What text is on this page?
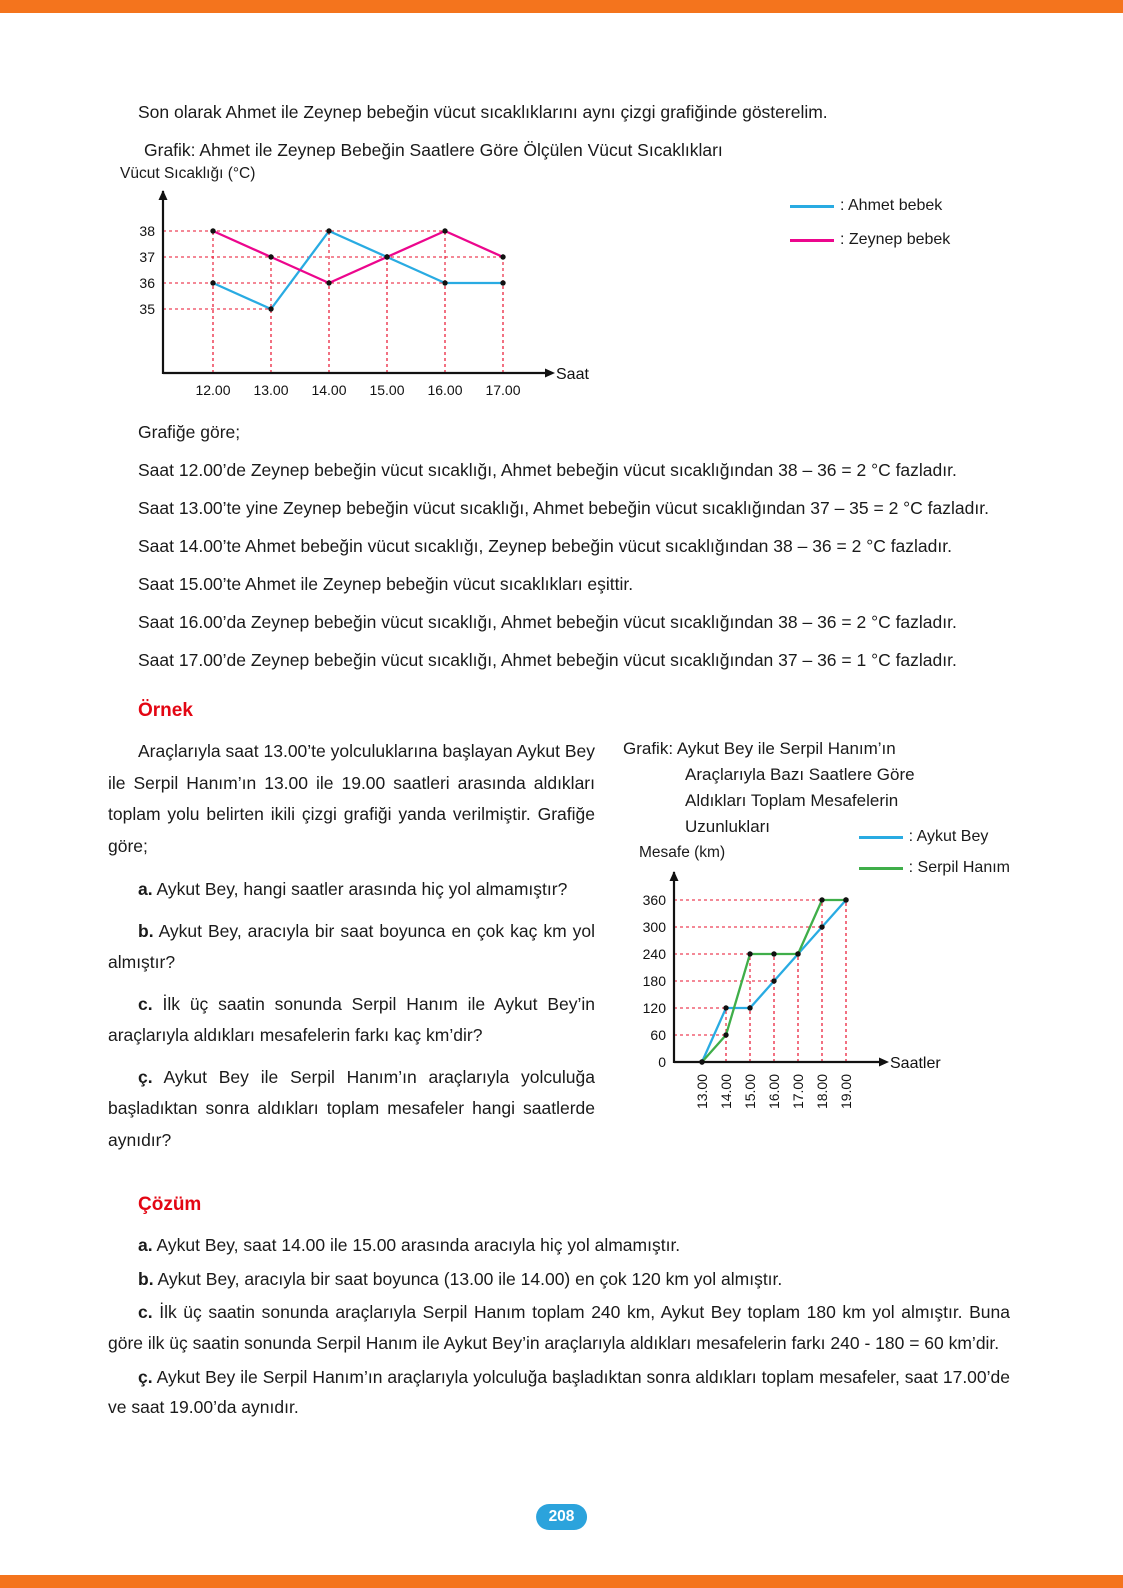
Son olarak Ahmet ile Zeynep bebeğin vücut sıcaklıklarını aynı çizgi grafiğinde gösterelim.

Grafik: Ahmet ile Zeynep Bebeğin Saatlere Göre Ölçülen Vücut Sıcaklıkları

Vücut Sıcaklığı (°C)
35
36
37
38
12.00 13.00 14.00 15.00 16.00 17.00
Saat
: Ahmet bebek
: Zeynep bebek

Grafiğe göre;

Saat 12.00’de Zeynep bebeğin vücut sıcaklığı, Ahmet bebeğin vücut sıcaklığından 38 – 36 = 2 °C fazladır.

Saat 13.00’te yine Zeynep bebeğin vücut sıcaklığı, Ahmet bebeğin vücut sıcaklığından 37 – 35 = 2 °C fazladır.

Saat 14.00’te Ahmet bebeğin vücut sıcaklığı, Zeynep bebeğin vücut sıcaklığından 38 – 36 = 2 °C fazladır.

Saat 15.00’te Ahmet ile Zeynep bebeğin vücut sıcaklıkları eşittir.

Saat 16.00’da Zeynep bebeğin vücut sıcaklığı, Ahmet bebeğin vücut sıcaklığından 38 – 36 = 2 °C fazladır.

Saat 17.00’de Zeynep bebeğin vücut sıcaklığı, Ahmet bebeğin vücut sıcaklığından 37 – 36 = 1 °C fazladır.

Örnek

Araçlarıyla saat 13.00’te yolculuklarına başlayan Aykut Bey ile Serpil Hanım’ın 13.00 ile 19.00 saatleri arasında aldıkları toplam yolu belirten ikili çizgi grafiği yanda verilmiştir. Grafiğe göre;

a. Aykut Bey, hangi saatler arasında hiç yol almamıştır?

b. Aykut Bey, aracıyla bir saat boyunca en çok kaç km yol almıştır?

c. İlk üç saatin sonunda Serpil Hanım ile Aykut Bey’in araçlarıyla aldıkları mesafelerin farkı kaç km’dir?

ç. Aykut Bey ile Serpil Hanım’ın araçlarıyla yolculuğa başladıktan sonra aldıkları toplam mesafeler hangi saatlerde aynıdır?

Grafik: Aykut Bey ile Serpil Hanım’ın
Araçlarıyla Bazı Saatlere Göre
Aldıkları Toplam Mesafelerin
Uzunlukları
: Aykut Bey
: Serpil Hanım
Mesafe (km)
0
60
120
180
240
300
360
13.00 14.00 15.00 16.00 17.00 18.00 19.00
Saatler
Çözüm

a. Aykut Bey, saat 14.00 ile 15.00 arasında aracıyla hiç yol almamıştır.

b. Aykut Bey, aracıyla bir saat boyunca (13.00 ile 14.00) en çok 120 km yol almıştır.

c. İlk üç saatin sonunda araçlarıyla Serpil Hanım toplam 240 km, Aykut Bey toplam 180 km yol almıştır. Buna göre ilk üç saatin sonunda Serpil Hanım ile Aykut Bey’in araçlarıyla aldıkları mesafelerin farkı 240 - 180 = 60 km’dir.

ç. Aykut Bey ile Serpil Hanım’ın araçlarıyla yolculuğa başladıktan sonra aldıkları toplam mesafeler, saat 17.00’de ve saat 19.00’da aynıdır.

208
